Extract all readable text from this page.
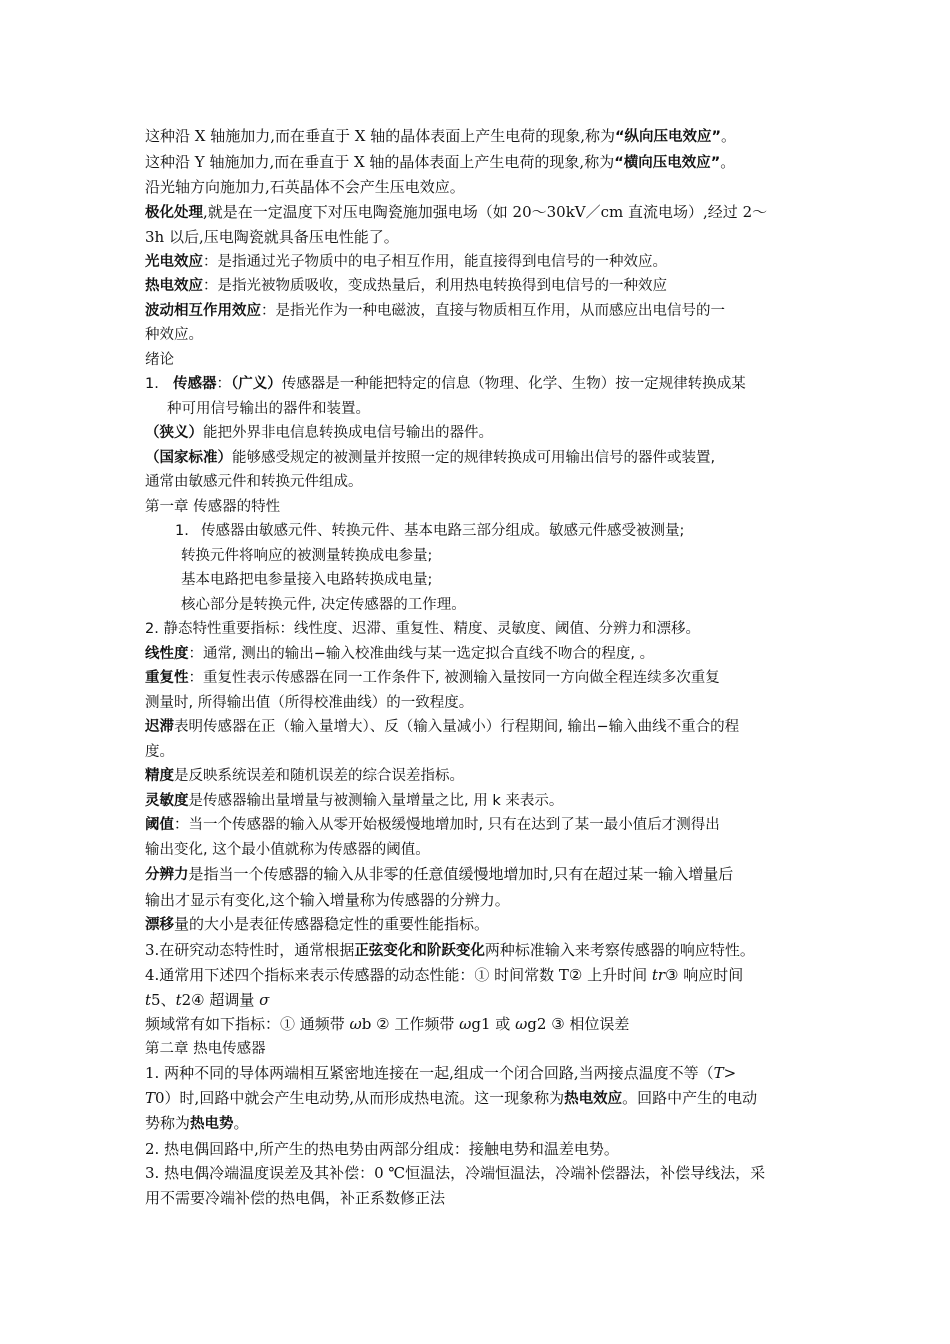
这种沿 X 轴施加力,而在垂直于 X 轴的晶体表面上产生电荷的现象,称为“纵向压电效应”。

这种沿 Y 轴施加力,而在垂直于 X 轴的晶体表面上产生电荷的现象,称为“横向压电效应”。

沿光轴方向施加力,石英晶体不会产生压电效应。

极化处理,就是在一定温度下对压电陶瓷施加强电场（如 20～30kV／cm 直流电场）,经过 2～

3h 以后,压电陶瓷就具备压电性能了。

光电效应：是指通过光子物质中的电子相互作用，能直接得到电信号的一种效应。

热电效应：是指光被物质吸收，变成热量后，利用热电转换得到电信号的一种效应

波动相互作用效应：是指光作为一种电磁波，直接与物质相互作用，从而感应出电信号的一

种效应。

绪论

1. 传感器：（广义）传感器是一种能把特定的信息（物理、化学、生物）按一定规律转换成某

种可用信号输出的器件和装置。

（狭义）能把外界非电信息转换成电信号输出的器件。

（国家标准）能够感受规定的被测量并按照一定的规律转换成可用输出信号的器件或装置,

通常由敏感元件和转换元件组成。

第一章 传感器的特性

1. 传感器由敏感元件、转换元件、基本电路三部分组成。敏感元件感受被测量;

转换元件将响应的被测量转换成电参量;

基本电路把电参量接入电路转换成电量;

核心部分是转换元件, 决定传感器的工作理。

2. 静态特性重要指标：线性度、迟滞、重复性、精度、灵敏度、阈值、分辨力和漂移。

线性度：通常, 测出的输出−输入校准曲线与某一选定拟合直线不吻合的程度, 。

重复性：重复性表示传感器在同一工作条件下, 被测输入量按同一方向做全程连续多次重复

测量时, 所得输出值（所得校准曲线）的一致程度。

迟滞表明传感器在正（输入量增大）、反（输入量减小）行程期间, 输出−输入曲线不重合的程

度。

精度是反映系统误差和随机误差的综合误差指标。

灵敏度是传感器输出量增量与被测输入量增量之比, 用 k 来表示。

阈值：当一个传感器的输入从零开始极缓慢地增加时, 只有在达到了某一最小值后才测得出

输出变化, 这个最小值就称为传感器的阈值。

分辨力是指当一个传感器的输入从非零的任意值缓慢地增加时,只有在超过某一输入增量后

输出才显示有变化,这个输入增量称为传感器的分辨力。

漂移量的大小是表征传感器稳定性的重要性能指标。

3.在研究动态特性时，通常根据正弦变化和阶跃变化两种标准输入来考察传感器的响应特性。

4.通常用下述四个指标来表示传感器的动态性能：① 时间常数 T② 上升时间 tr③ 响应时间

t5、t2④ 超调量 σ

频域常有如下指标：① 通频带 ωb ② 工作频带 ωg1 或 ωg2 ③ 相位误差

第二章 热电传感器

1. 两种不同的导体两端相互紧密地连接在一起,组成一个闭合回路,当两接点温度不等（T>

T0）时,回路中就会产生电动势,从而形成热电流。这一现象称为热电效应。回路中产生的电动

势称为热电势。

2. 热电偶回路中,所产生的热电势由两部分组成：接触电势和温差电势。

3. 热电偶冷端温度误差及其补偿：0 ℃恒温法，冷端恒温法，冷端补偿器法，补偿导线法，采

用不需要冷端补偿的热电偶，补正系数修正法
